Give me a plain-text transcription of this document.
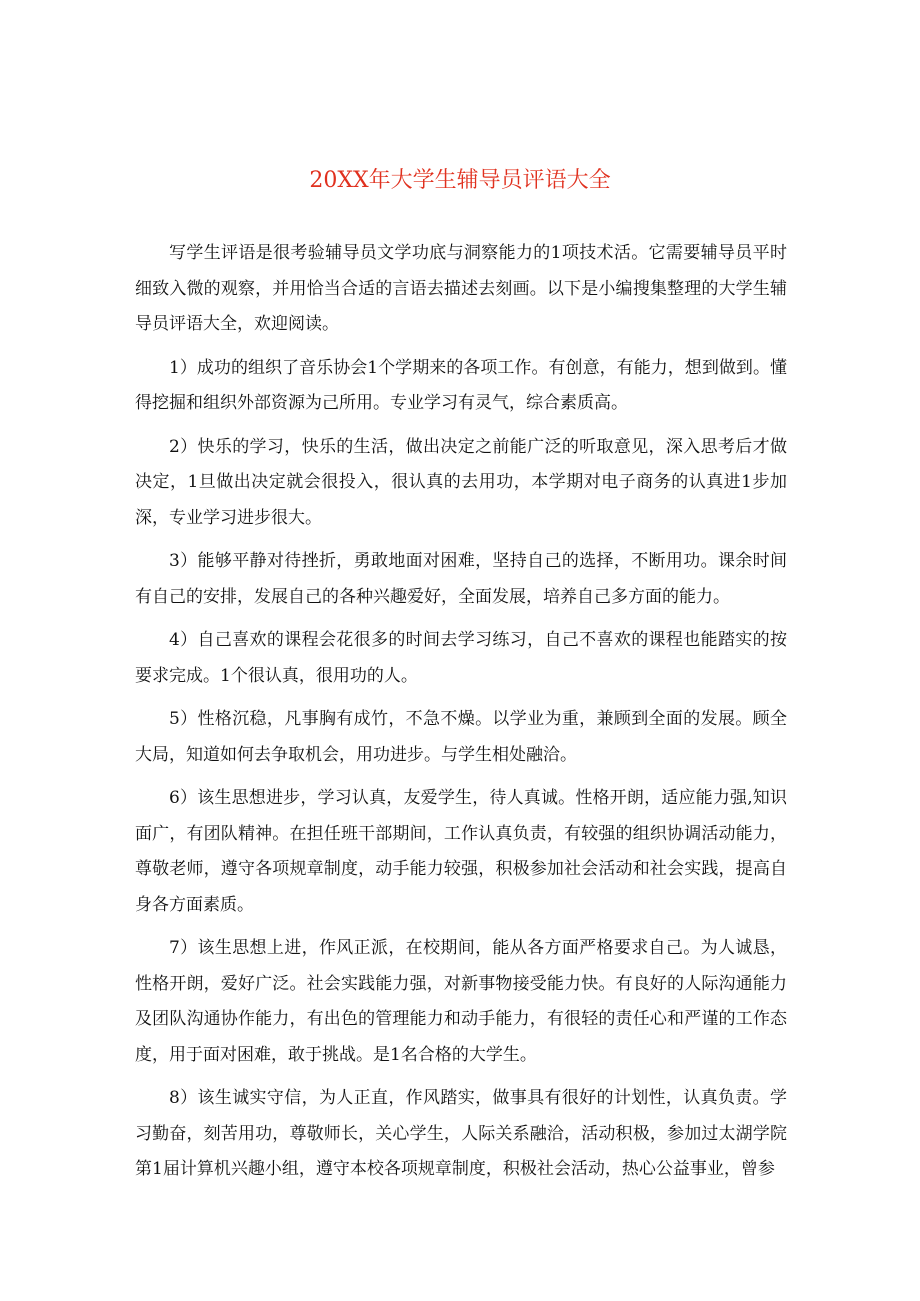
20XX年大学生辅导员评语大全

写学生评语是很考验辅导员文学功底与洞察能力的1项技术活。它需要辅导员平时细致入微的观察，并用恰当合适的言语去描述去刻画。以下是小编搜集整理的大学生辅导员评语大全，欢迎阅读。

1）成功的组织了音乐协会1个学期来的各项工作。有创意，有能力，想到做到。懂得挖掘和组织外部资源为己所用。专业学习有灵气，综合素质高。

2）快乐的学习，快乐的生活，做出决定之前能广泛的听取意见，深入思考后才做决定，1旦做出决定就会很投入，很认真的去用功，本学期对电子商务的认真进1步加深，专业学习进步很大。

3）能够平静对待挫折，勇敢地面对困难，坚持自己的选择，不断用功。课余时间有自己的安排，发展自己的各种兴趣爱好，全面发展，培养自己多方面的能力。

4）自己喜欢的课程会花很多的时间去学习练习，自己不喜欢的课程也能踏实的按要求完成。1个很认真，很用功的人。

5）性格沉稳，凡事胸有成竹，不急不燥。以学业为重，兼顾到全面的发展。顾全大局，知道如何去争取机会，用功进步。与学生相处融洽。

6）该生思想进步，学习认真，友爱学生，待人真诚。性格开朗，适应能力强,知识面广，有团队精神。在担任班干部期间，工作认真负责，有较强的组织协调活动能力，尊敬老师，遵守各项规章制度，动手能力较强，积极参加社会活动和社会实践，提高自身各方面素质。

7）该生思想上进，作风正派，在校期间，能从各方面严格要求自己。为人诚恳，性格开朗，爱好广泛。社会实践能力强，对新事物接受能力快。有良好的人际沟通能力及团队沟通协作能力，有出色的管理能力和动手能力，有很轻的责任心和严谨的工作态度，用于面对困难，敢于挑战。是1名合格的大学生。

8）该生诚实守信，为人正直，作风踏实，做事具有很好的计划性，认真负责。学习勤奋，刻苦用功，尊敬师长，关心学生，人际关系融洽，活动积极，参加过太湖学院第1届计算机兴趣小组，遵守本校各项规章制度，积极社会活动，热心公益事业，曾参
